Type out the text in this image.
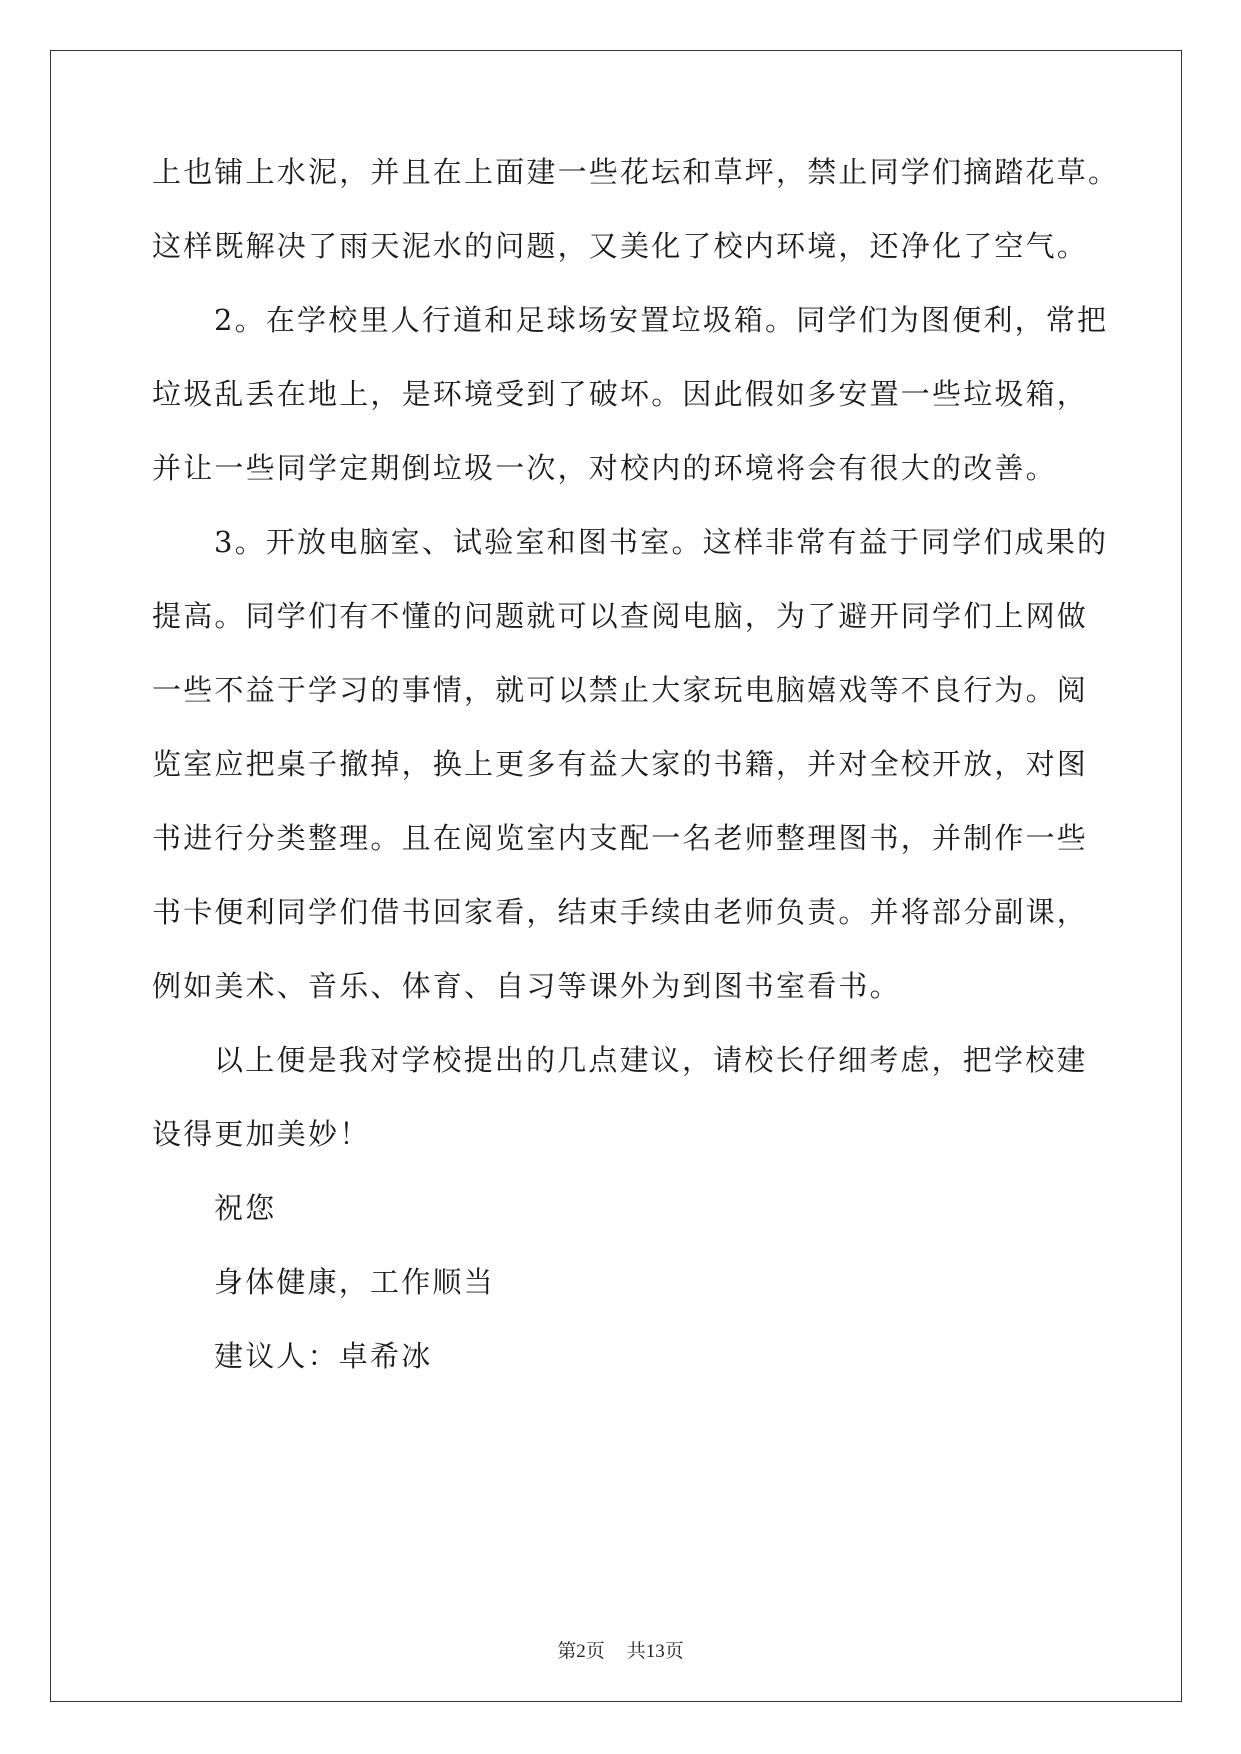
上也铺上水泥，并且在上面建一些花坛和草坪，禁止同学们摘踏花草。
这样既解决了雨天泥水的问题，又美化了校内环境，还净化了空气。
2。在学校里人行道和足球场安置垃圾箱。同学们为图便利，常把
垃圾乱丢在地上，是环境受到了破坏。因此假如多安置一些垃圾箱，
并让一些同学定期倒垃圾一次，对校内的环境将会有很大的改善。
3。开放电脑室、试验室和图书室。这样非常有益于同学们成果的
提高。同学们有不懂的问题就可以查阅电脑，为了避开同学们上网做
一些不益于学习的事情，就可以禁止大家玩电脑嬉戏等不良行为。阅
览室应把桌子撤掉，换上更多有益大家的书籍，并对全校开放，对图
书进行分类整理。且在阅览室内支配一名老师整理图书，并制作一些
书卡便利同学们借书回家看，结束手续由老师负责。并将部分副课，
例如美术、音乐、体育、自习等课外为到图书室看书。
以上便是我对学校提出的几点建议，请校长仔细考虑，把学校建
设得更加美妙！
祝您
身体健康，工作顺当
建议人：卓希冰
第2页 共13页
